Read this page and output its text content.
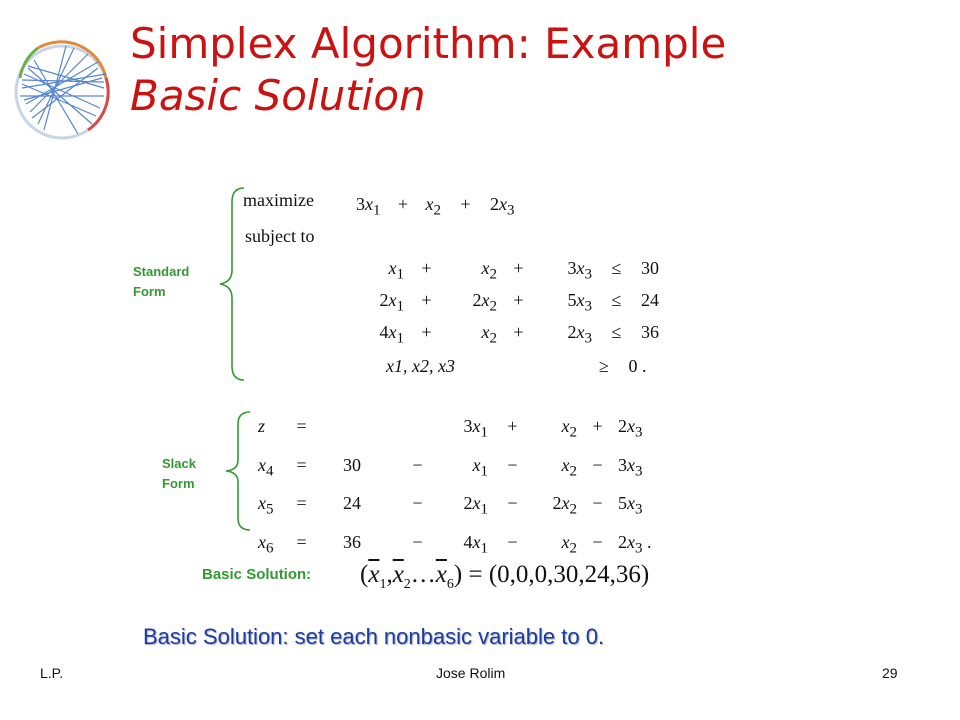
Simplex Algorithm: Example
Basic Solution
Standard
Form
Slack
Form
maximize
subject to
$3x_1 + x_2 + 2x_3$
$x_1$ +	$x_2 + 3x_3 \le 30$
$2x_1 + 2x_2 + 5x_3 \le 24$
$4x_1$ +	$x_2 + 2x_3 \le 36$
x1, x2, x3	≥ 0 .
z =	$3x_1 + x_2 + 2x_3$
$x_4 = 30$	−	$x_1 - x_2 - 3x_3$
$x_5 = 24$	− $2x_1 - 2x_2 - 5x_3$
$x_6 = 36$	− $4x_1 - x_2 - 2x_3$ .
Basic Solution: $(\overline{x}_1,\overline{x}_2\dots\overline{x}_6) = (0,0,0,30,24,36)$
Basic Solution: set each nonbasic variable to 0.
L.P.	Jose Rolim	29
